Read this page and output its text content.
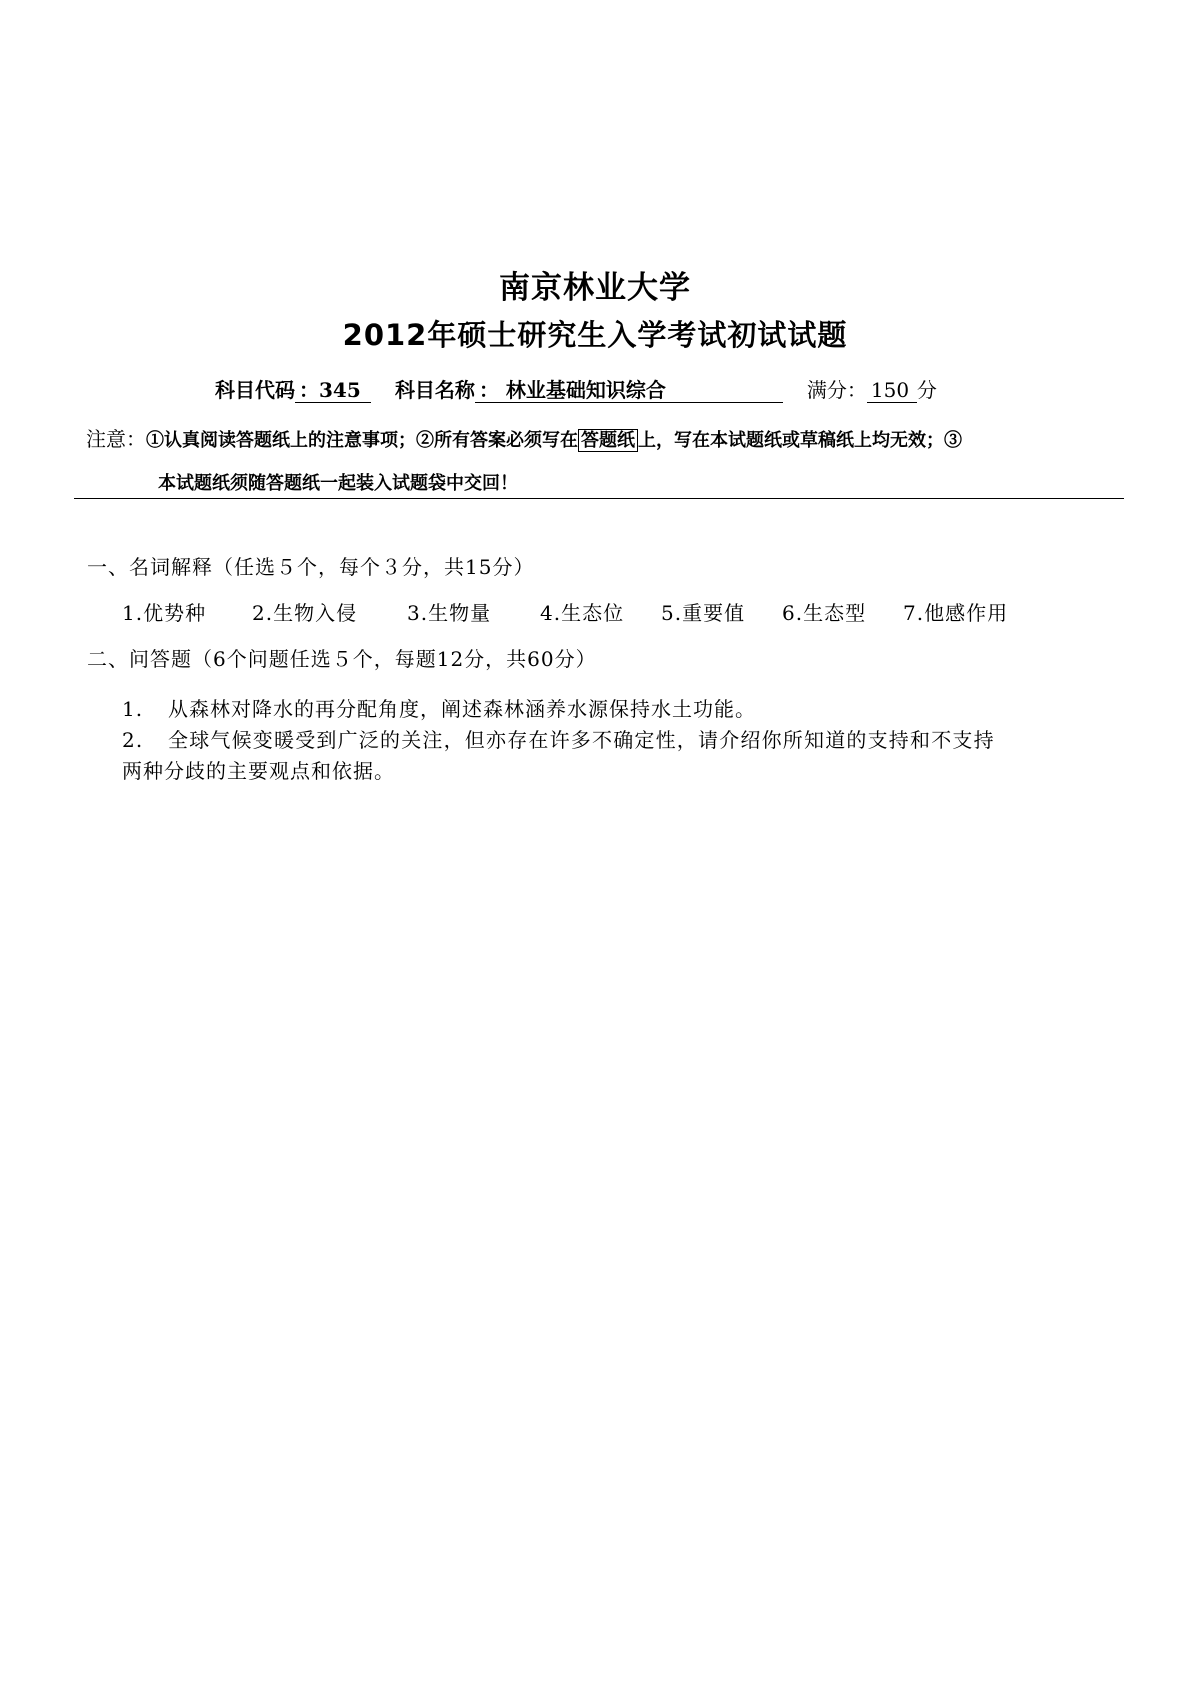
南京林业大学
2012年硕士研究生入学考试初试试题
科目代码 ：345 科目名称 ： 林业基础知识综合	满分： 150 分
注意：①认真阅读答题纸上的注意事项；②所有答案必须写在 答题纸 上，写在本试题纸或草稿纸上均无效；③
本试题纸须随答题纸一起装入试题袋中交回！
一、名词解释（任选５个，每个３分，共15分）
1.优势种 2.生物入侵 3.生物量 4.生态位 5.重要值 6.生态型 7.他感作用
二、问答题（6个问题任选５个，每题12分，共60分）
1. 从森林对降水的再分配角度，阐述森林涵养水源保持水土功能。
2. 全球气候变暖受到广泛的关注，但亦存在许多不确定性，请介绍你所知道的支持和不支持
两种分歧的主要观点和依据。
